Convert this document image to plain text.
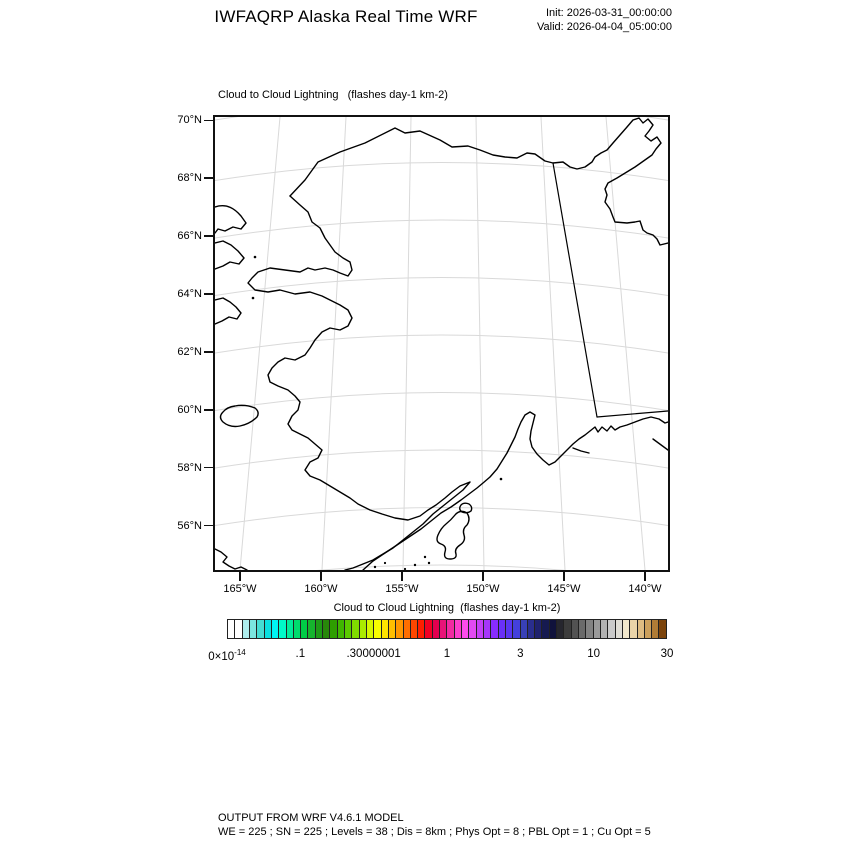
IWFAQRP Alaska Real Time WRF	Init: 2026-03-31_00:00:00
Valid: 2026-04-04_05:00:00
Cloud to Cloud Lightning   (flashes day-1 km-2)
Cloud to Cloud Lightning  (flashes day-1 km-2)
OUTPUT FROM WRF V4.6.1 MODEL
WE = 225 ; SN = 225 ; Levels = 38 ; Dis = 8km ; Phys Opt = 8 ; PBL Opt = 1 ; Cu Opt = 5
70°N
68°N
66°N
64°N
62°N
60°N
58°N
56°N
165°W	160°W	155°W	150°W	145°W	140°W
$0\times 10^{-14}$	.1	.30000001	1	3	10	30
